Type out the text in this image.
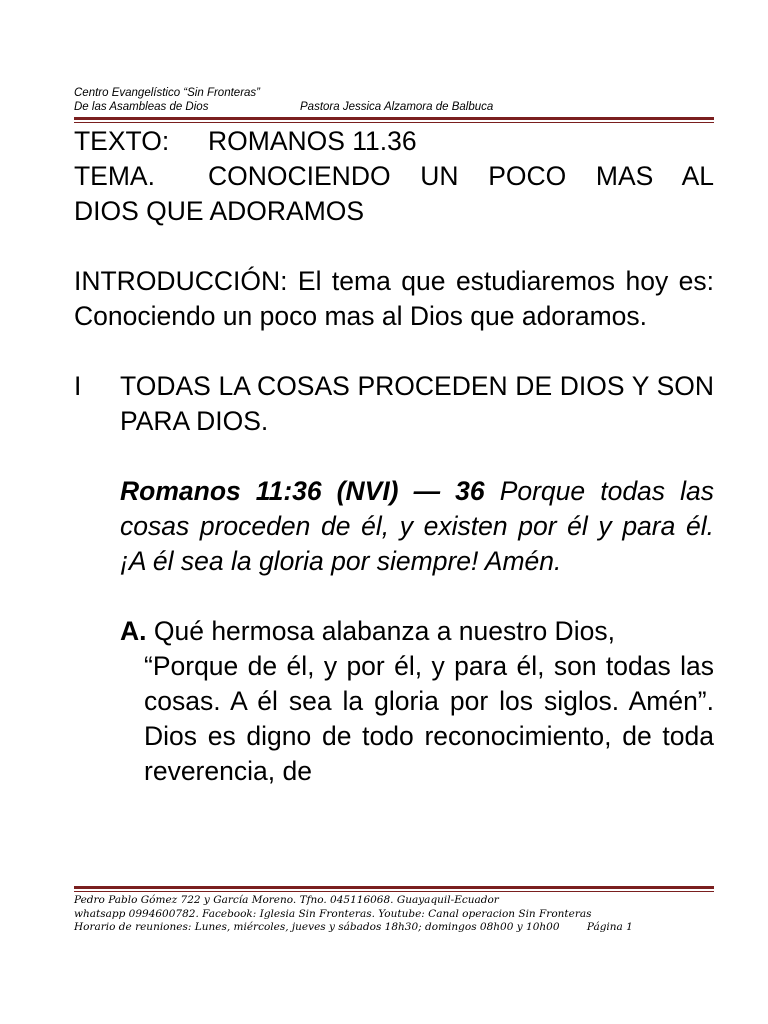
Centro Evangelístico “Sin Fronteras”
De las Asambleas de Dios	Pastora Jessica Alzamora de Balbuca
TEXTO:	ROMANOS 11.36
TEMA.	CONOCIENDO UN POCO MAS AL
DIOS QUE ADORAMOS
INTRODUCCIÓN: El tema que estudiaremos hoy es: Conociendo un poco mas al Dios que adoramos.
I	TODAS LA COSAS PROCEDEN DE DIOS Y SON PARA DIOS.
Romanos 11:36 (NVI) — 36 Porque todas las cosas proceden de él, y existen por él y para él. ¡A él sea la gloria por siempre! Amén.
A. Qué hermosa alabanza a nuestro Dios,
“Porque de él, y por él, y para él, son todas las cosas. A él sea la gloria por los siglos. Amén”. Dios es digno de todo reconocimiento, de toda reverencia, de
Pedro Pablo Gómez 722 y García Moreno. Tfno. 045116068. Guayaquil-Ecuador
whatsapp 0994600782. Facebook: Iglesia Sin Fronteras. Youtube: Canal operacion Sin Fronteras
Horario de reuniones: Lunes, miércoles, jueves y sábados 18h30; domingos 08h00 y 10h00	Página 1
